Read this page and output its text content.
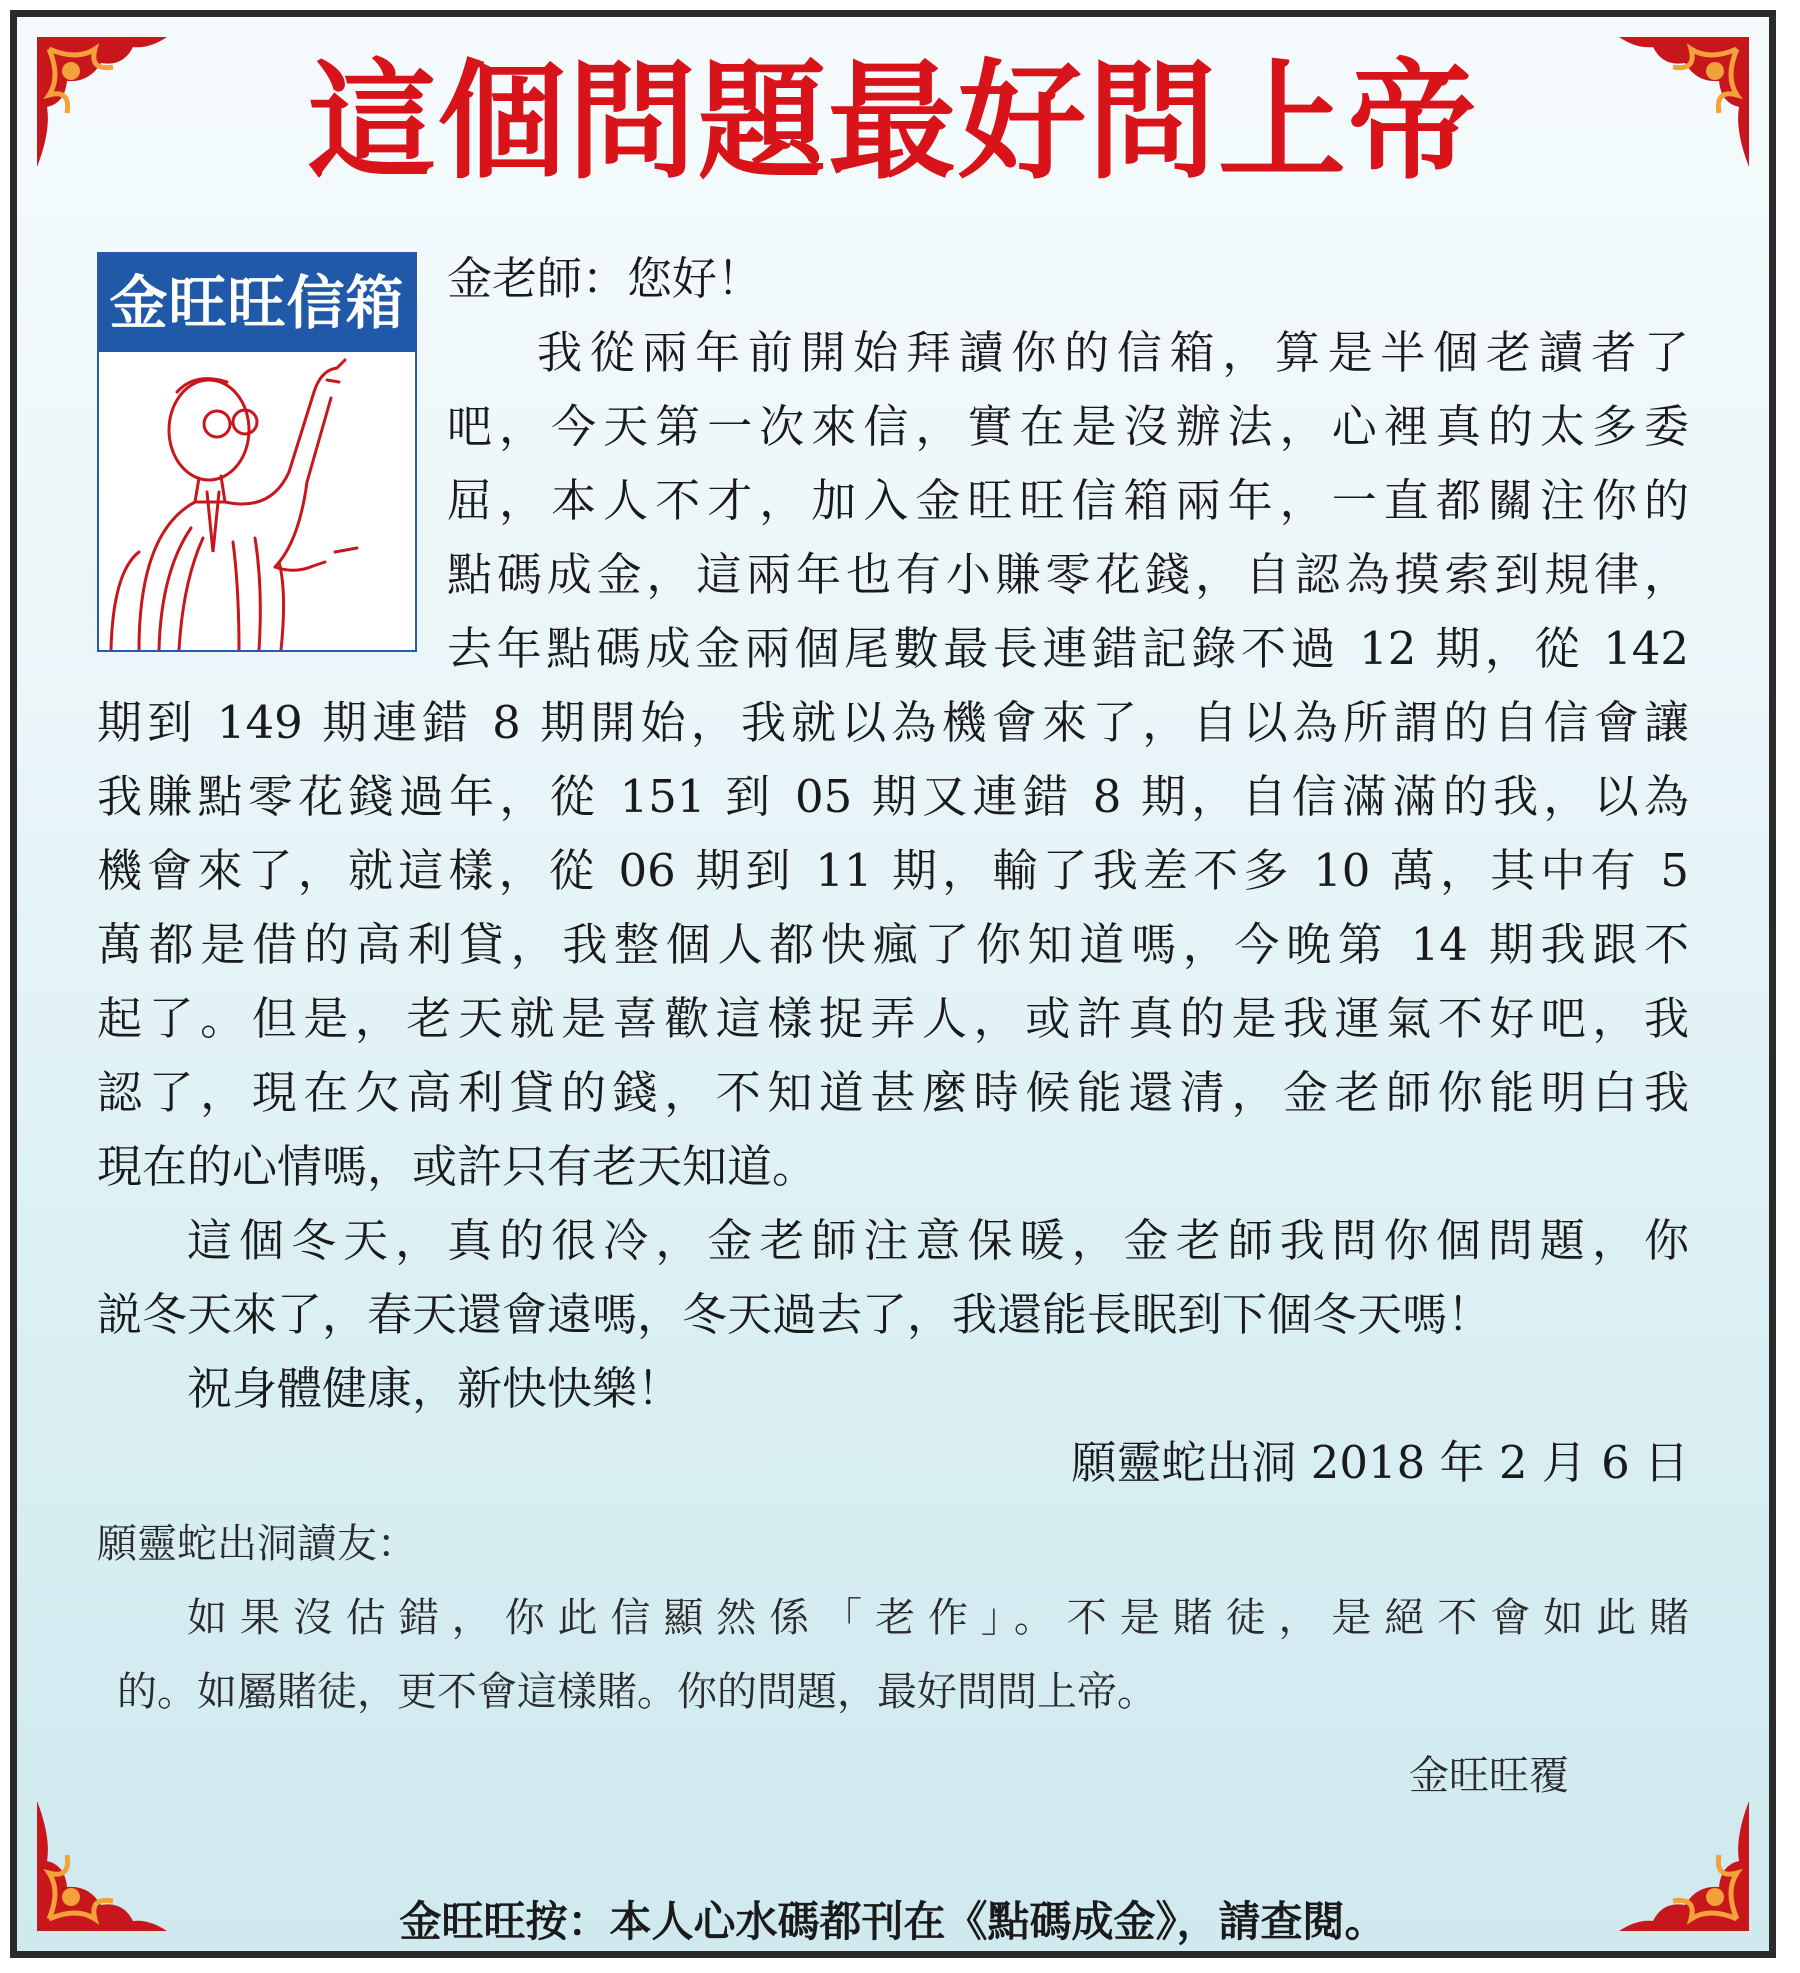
這個問題最好問上帝
金旺旺信箱 金老師：您好！
我從兩年前開始拜讀你的信箱，算是半個老讀者了
吧，今天第一次來信，實在是沒辦法，心裡真的太多委
屈，本人不才，加入金旺旺信箱兩年，一直都關注你的
點碼成金，這兩年也有小賺零花錢，自認為摸索到規律，
去年點碼成金兩個尾數最長連錯記錄不過 12 期，從 142
期到 149 期連錯 8 期開始，我就以為機會來了，自以為所謂的自信會讓
我賺點零花錢過年，從 151 到 05 期又連錯 8 期，自信滿滿的我，以為
機會來了，就這樣，從 06 期到 11 期，輸了我差不多 10 萬，其中有 5
萬都是借的高利貸，我整個人都快瘋了你知道嗎，今晚第 14 期我跟不
起了。但是，老天就是喜歡這樣捉弄人，或許真的是我運氣不好吧，我
認了，現在欠高利貸的錢，不知道甚麼時候能還清，金老師你能明白我
現在的心情嗎，或許只有老天知道。
這個冬天，真的很冷，金老師注意保暖，金老師我問你個問題，你
説冬天來了，春天還會遠嗎，冬天過去了，我還能長眠到下個冬天嗎！
祝身體健康，新快快樂！
願靈蛇出洞 2018 年 2 月 6 日
願靈蛇出洞讀友：
如果沒估錯，你此信顯然係「老作」。不是賭徒，是絕不會如此賭
的。如屬賭徒，更不會這樣賭。你的問題，最好問問上帝。
金旺旺覆
金旺旺按：本人心水碼都刊在《點碼成金》，請查閱。
